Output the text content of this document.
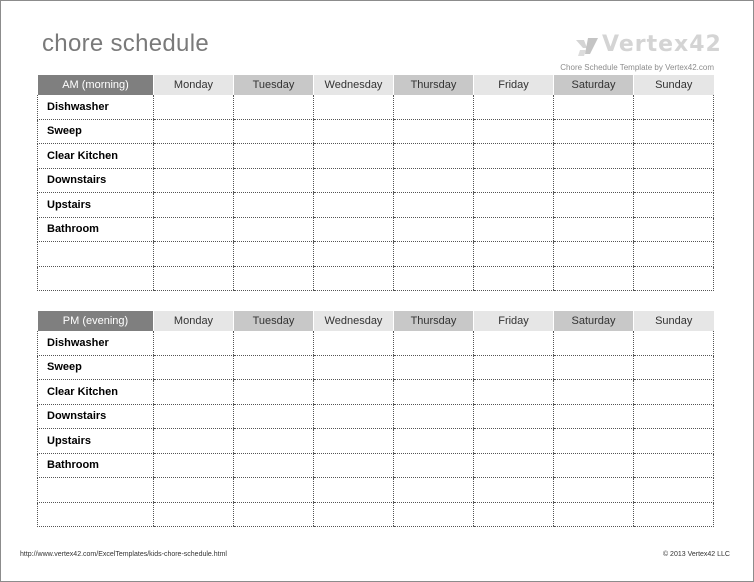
chore schedule	Vertex42
Chore Schedule Template by Vertex42.com
AM (morning)	Monday	Tuesday	Wednesday	Thursday	Friday	Saturday	Sunday
Dishwasher							
Sweep							
Clear Kitchen							
Downstairs							
Upstairs							
Bathroom							

PM (evening)	Monday	Tuesday	Wednesday	Thursday	Friday	Saturday	Sunday
Dishwasher							
Sweep							
Clear Kitchen							
Downstairs							
Upstairs							
Bathroom							

http://www.vertex42.com/ExcelTemplates/kids-chore-schedule.html	© 2013 Vertex42 LLC
